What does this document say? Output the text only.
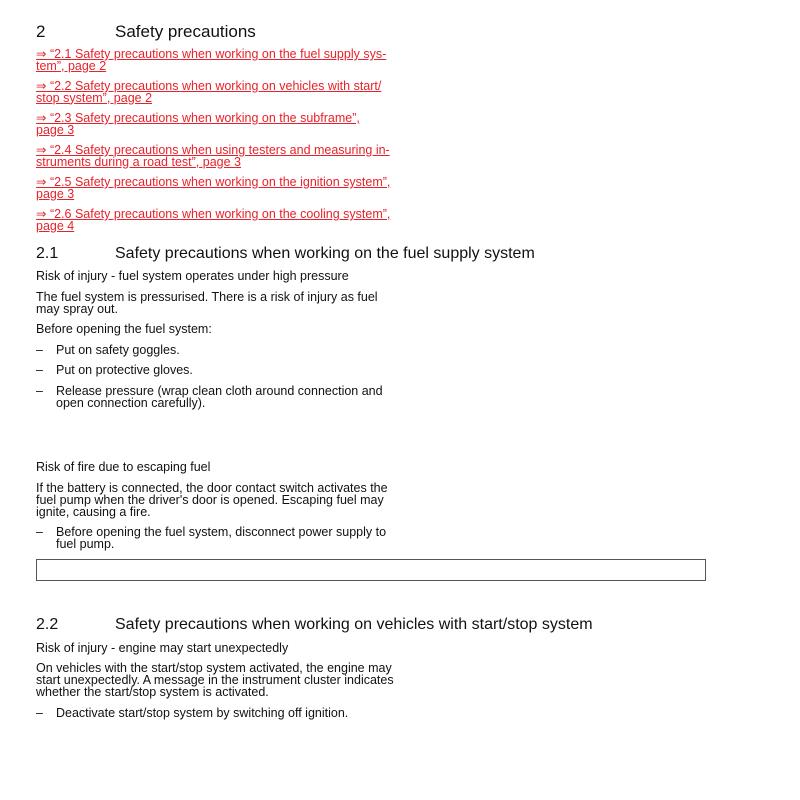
2	Safety precautions
⇒ “2.1 Safety precautions when working on the fuel supply sys-
tem”, page 2
⇒ “2.2 Safety precautions when working on vehicles with start/
stop system”, page 2
⇒ “2.3 Safety precautions when working on the subframe”,
page 3
⇒ “2.4 Safety precautions when using testers and measuring in-
struments during a road test”, page 3
⇒ “2.5 Safety precautions when working on the ignition system”,
page 3
⇒ “2.6 Safety precautions when working on the cooling system”,
page 4
2.1	Safety precautions when working on the fuel supply system
Risk of injury - fuel system operates under high pressure
The fuel system is pressurised. There is a risk of injury as fuel
may spray out.
Before opening the fuel system:
– Put on safety goggles.
– Put on protective gloves.
– Release pressure (wrap clean cloth around connection and
open connection carefully).
Risk of fire due to escaping fuel
If the battery is connected, the door contact switch activates the
fuel pump when the driver's door is opened. Escaping fuel may
ignite, causing a fire.
– Before opening the fuel system, disconnect power supply to
fuel pump.
2.2	Safety precautions when working on vehicles with start/stop system
Risk of injury - engine may start unexpectedly
On vehicles with the start/stop system activated, the engine may
start unexpectedly. A message in the instrument cluster indicates
whether the start/stop system is activated.
– Deactivate start/stop system by switching off ignition.
